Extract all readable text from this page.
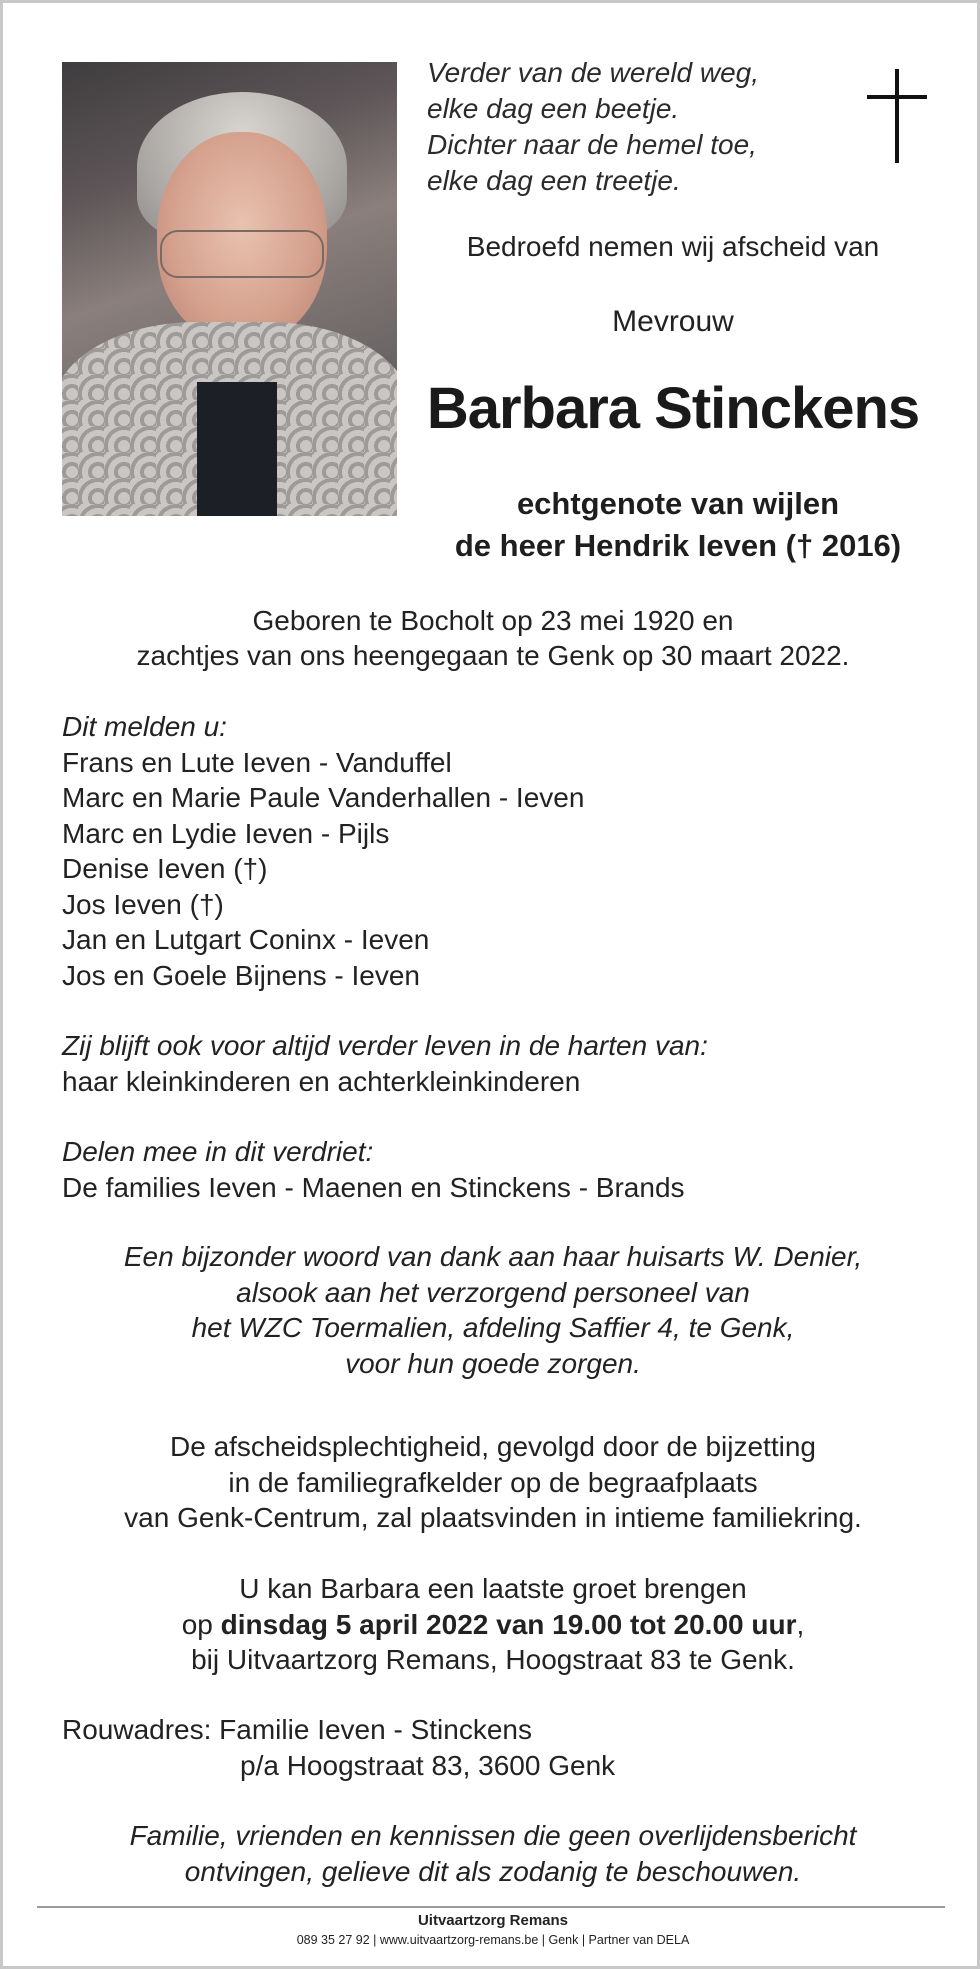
Verder van de wereld weg,
elke dag een beetje.
Dichter naar de hemel toe,
elke dag een treetje.
Bedroefd nemen wij afscheid van
Mevrouw
Barbara Stinckens
echtgenote van wijlen
de heer Hendrik Ieven († 2016)
Geboren te Bocholt op 23 mei 1920 en
zachtjes van ons heengegaan te Genk op 30 maart 2022.
Dit melden u:
Frans en Lute Ieven - Vanduffel
Marc en Marie Paule Vanderhallen - Ieven
Marc en Lydie Ieven - Pijls
Denise Ieven (†)
Jos Ieven (†)
Jan en Lutgart Coninx - Ieven
Jos en Goele Bijnens - Ieven
Zij blijft ook voor altijd verder leven in de harten van:
haar kleinkinderen en achterkleinkinderen
Delen mee in dit verdriet:
De families Ieven - Maenen en Stinckens - Brands
Een bijzonder woord van dank aan haar huisarts W. Denier,
alsook aan het verzorgend personeel van
het WZC Toermalien, afdeling Saffier 4, te Genk,
voor hun goede zorgen.
De afscheidsplechtigheid, gevolgd door de bijzetting
in de familiegrafkelder op de begraafplaats
van Genk-Centrum, zal plaatsvinden in intieme familiekring.
U kan Barbara een laatste groet brengen
op dinsdag 5 april 2022 van 19.00 tot 20.00 uur,
bij Uitvaartzorg Remans, Hoogstraat 83 te Genk.
Rouwadres: Familie Ieven - Stinckens
p/a Hoogstraat 83, 3600 Genk
Familie, vrienden en kennissen die geen overlijdensbericht
ontvingen, gelieve dit als zodanig te beschouwen.
Uitvaartzorg Remans
089 35 27 92 | www.uitvaartzorg-remans.be | Genk | Partner van DELA
